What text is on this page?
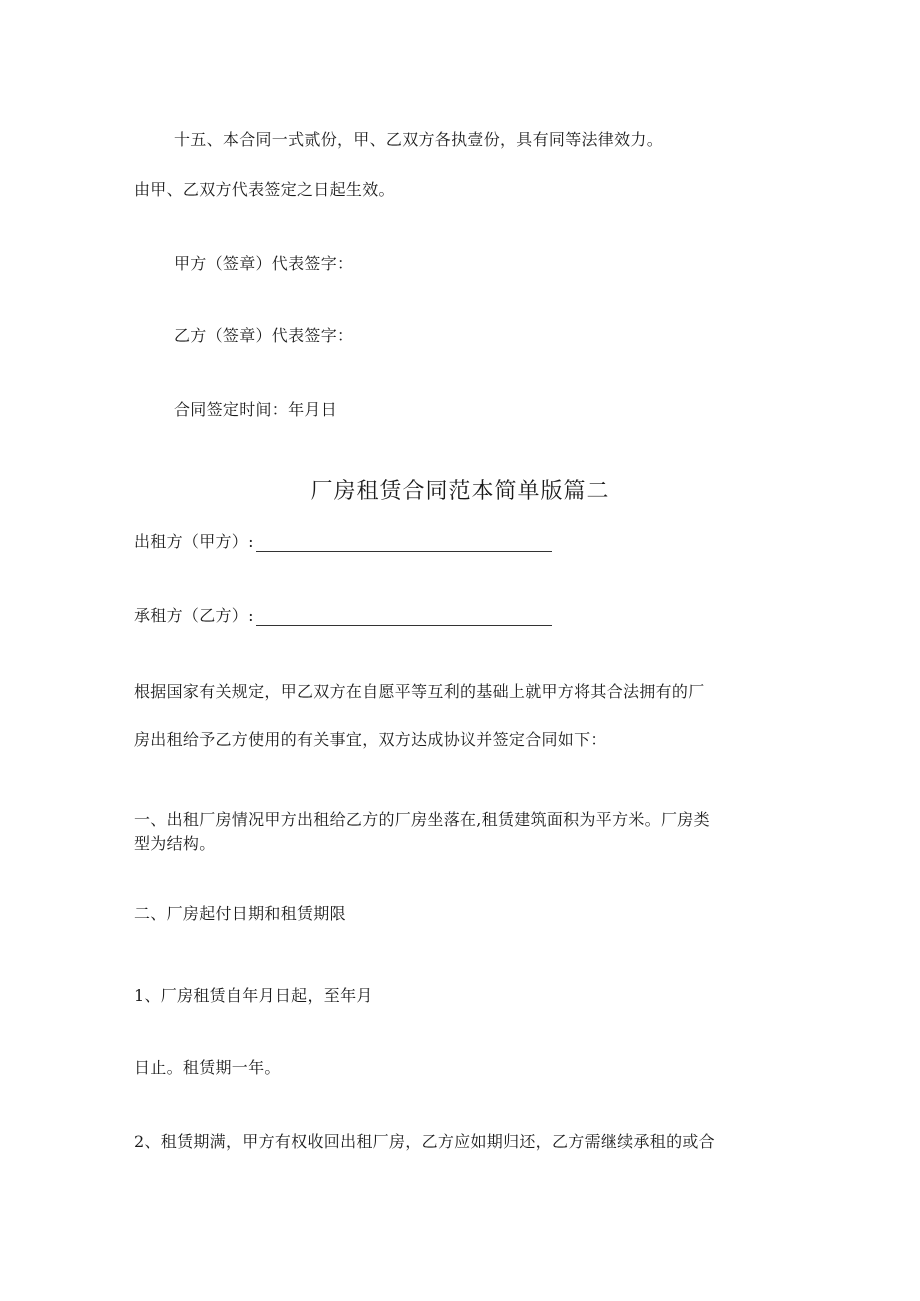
十五、本合同一式贰份，甲、乙双方各执壹份，具有同等法律效力。
由甲、乙双方代表签定之日起生效。
甲方（签章）代表签字：
乙方（签章）代表签字：
合同签定时间：年月日
厂房租赁合同范本简单版篇二
出租方（甲方）:
承租方（乙方）:
根据国家有关规定，甲乙双方在自愿平等互利的基础上就甲方将其合法拥有的厂
房出租给予乙方使用的有关事宜，双方达成协议并签定合同如下：
一、出租厂房情况甲方出租给乙方的厂房坐落在,租赁建筑面积为平方米。厂房类
型为结构。
二、厂房起付日期和租赁期限
1、厂房租赁自年月日起，至年月
日止。租赁期一年。
2、租赁期满，甲方有权收回出租厂房，乙方应如期归还，乙方需继续承租的或合
